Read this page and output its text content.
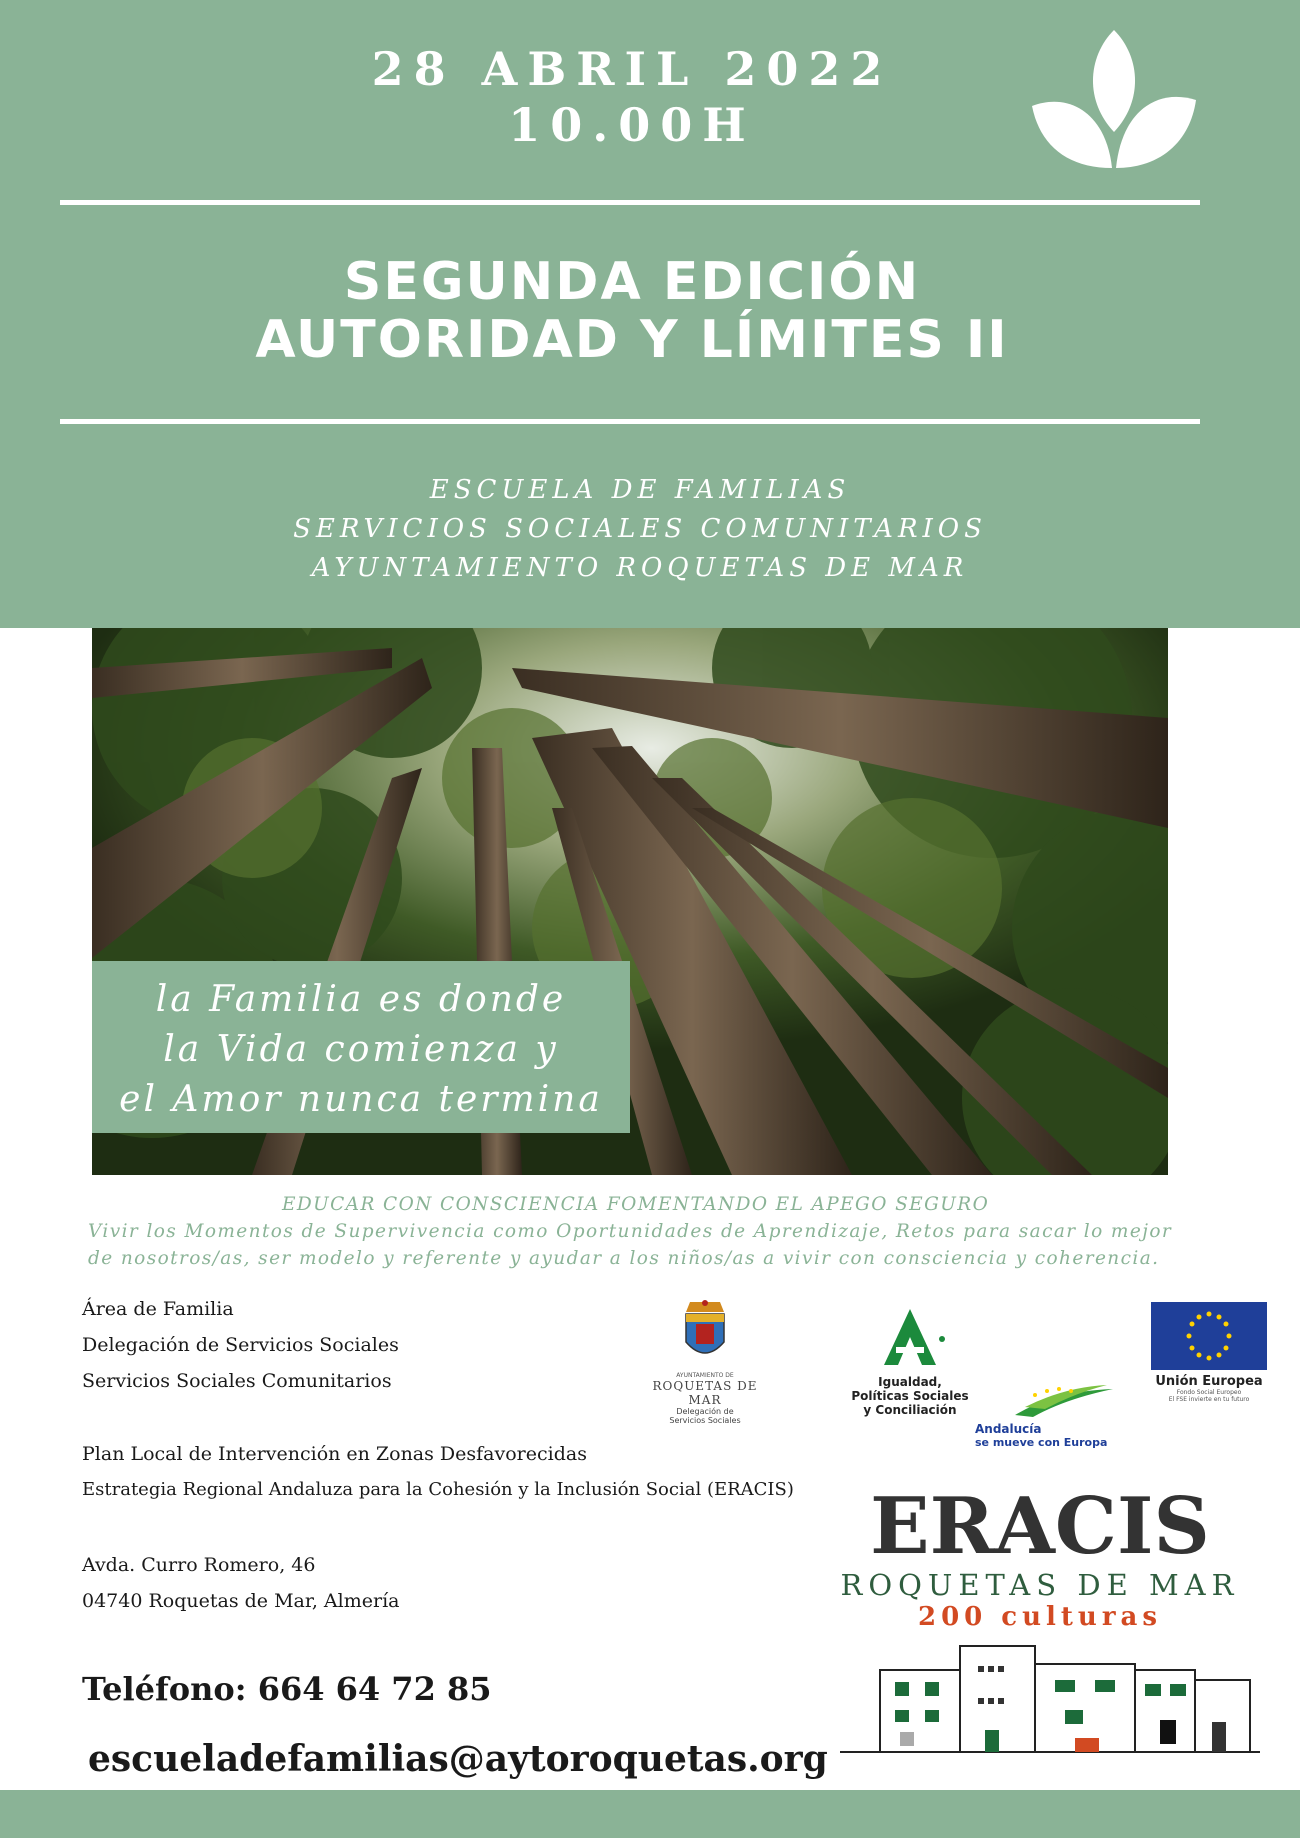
28 ABRIL 2022
10.00H
SEGUNDA EDICIÓN
AUTORIDAD Y LÍMITES II
ESCUELA DE FAMILIAS
SERVICIOS SOCIALES COMUNITARIOS
AYUNTAMIENTO ROQUETAS DE MAR
la Familia es donde
la Vida comienza y
el Amor nunca termina
EDUCAR CON CONSCIENCIA FOMENTANDO EL APEGO SEGURO
Vivir los Momentos de Supervivencia como Oportunidades de Aprendizaje, Retos para sacar lo mejor
de nosotros/as, ser modelo y referente y ayudar a los niños/as a vivir con consciencia y coherencia.
Área de Familia
Delegación de Servicios Sociales
Servicios Sociales Comunitarios
Plan Local de Intervención en Zonas Desfavorecidas
Estrategia Regional Andaluza para la Cohesión y la Inclusión Social (ERACIS)
Avda. Curro Romero, 46
04740 Roquetas de Mar, Almería
Teléfono: 664 64 72 85
escueladefamilias@aytoroquetas.org
AYUNTAMIENTO DE
ROQUETAS DE MAR
Delegación de
Servicios Sociales
Igualdad,
Políticas Sociales
y Conciliación
Andalucía
se mueve con Europa
Unión Europea
Fondo Social Europeo
El FSE invierte en tu futuro
ERACIS
ROQUETAS DE MAR
200 culturas
